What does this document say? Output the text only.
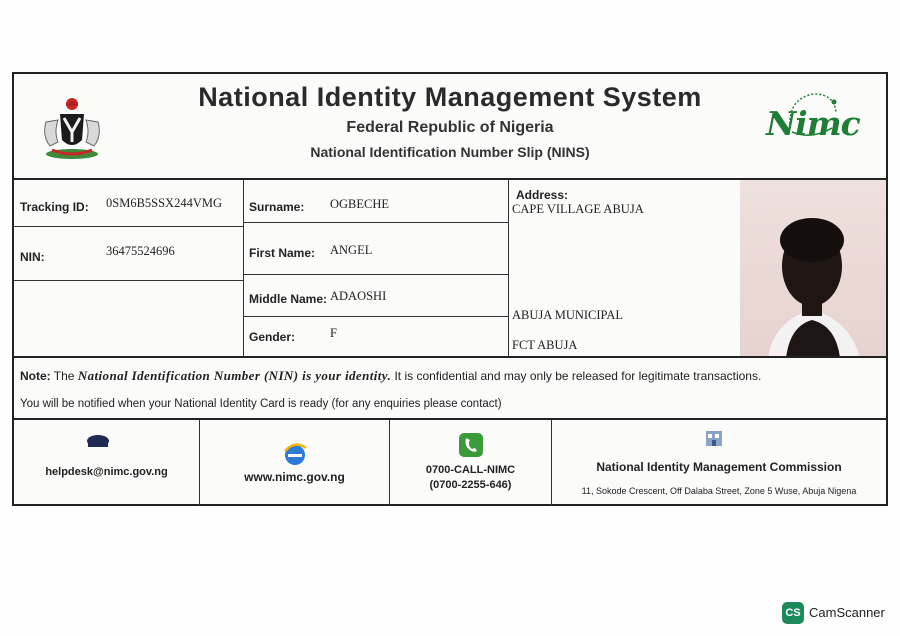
National Identity Management System
Federal Republic of Nigeria
National Identification Number Slip (NINS)
Nimc
Tracking ID: 0SM6B5SSX244VMG
NIN:	36475524696
Surname: OGBECHE
First Name: ANGEL
Middle Name: ADAOSHI
Gender:	F
Address:
CAPE VILLAGE ABUJA
ABUJA MUNICIPAL
FCT ABUJA
Note: The National Identification Number (NIN) is your identity. It is confidential and may only be released for legitimate transactions.
You will be notified when your National Identity Card is ready (for any enquiries please contact)
helpdesk@nimc.gov.ng	www.nimc.gov.ng	0700-CALL-NIMC
(0700-2255-646)
National Identity Management Commission
11, Sokode Crescent, Off Dalaba Street, Zone 5 Wuse, Abuja Nigena
CS CamScanner
